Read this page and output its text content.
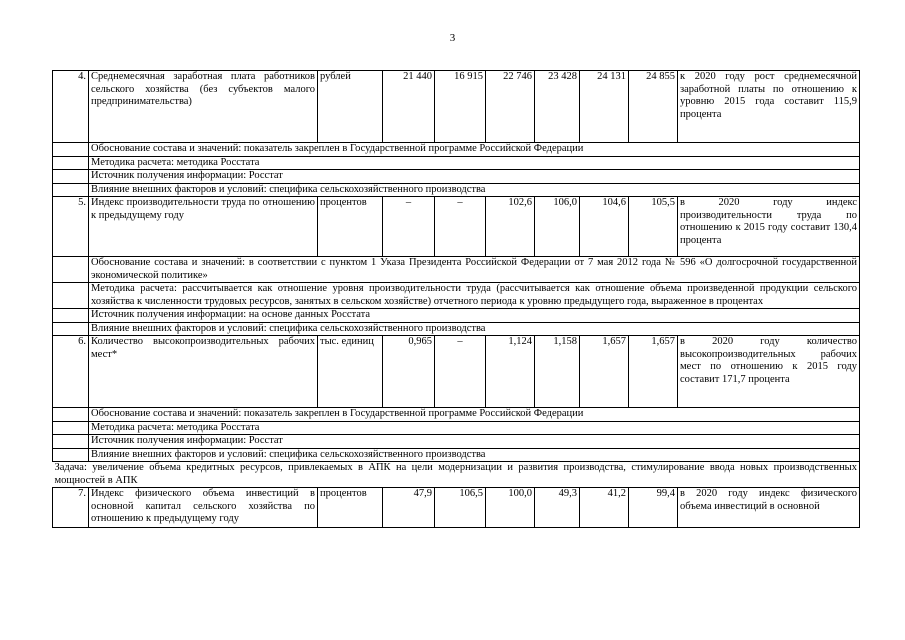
3
4.	Среднемесячная заработная плата работников сельского хозяйства (без субъектов малого предпринимательства)	рублей	21 440	16 915	22 746	23 428	24 131	24 855	к 2020 году рост среднемесячной заработной платы по отношению к уровню 2015 года составит 115,9 процента
	Обоснование состава и значений: показатель закреплен в Государственной программе Российской Федерации								
	Методика расчета: методика Росстата								
	Источник получения информации: Росстат								
	Влияние внешних факторов и условий: специфика сельскохозяйственного производства								
5.	Индекс производительности труда по отношению к предыдущему году	процентов	–	–	102,6	106,0	104,6	105,5	в 2020 году индекс производительности труда по отношению к 2015 году составит 130,4 процента
	Обоснование состава и значений: в соответствии с пунктом 1 Указа Президента Российской Федерации от 7 мая 2012 года № 596 «О долгосрочной государственной экономической политике»								
	Методика расчета: рассчитывается как отношение уровня производительности труда (рассчитывается как отношение объема произведенной продукции сельского хозяйства к численности трудовых ресурсов, занятых в сельском хозяйстве) отчетного периода к уровню предыдущего года, выраженное в процентах								
	Источник получения информации: на основе данных Росстата								
	Влияние внешних факторов и условий: специфика сельскохозяйственного производства								
6.	Количество высокопроизводительных рабочих мест*	тыс. единиц	0,965	–	1,124	1,158	1,657	1,657	в 2020 году количество высокопроизводительных рабочих мест по отношению к 2015 году составит 171,7 процента
	Обоснование состава и значений: показатель закреплен в Государственной программе Российской Федерации								
	Методика расчета: методика Росстата								
	Источник получения информации: Росстат								
	Влияние внешних факторов и условий: специфика сельскохозяйственного производства								
Задача: увеличение объема кредитных ресурсов, привлекаемых в АПК на цели модернизации и развития производства, стимулирование ввода новых производственных мощностей в АПК									
7.	Индекс физического объема инвестиций в основной капитал сельского хозяйства по отношению к предыдущему году	процентов	47,9	106,5	100,0	49,3	41,2	99,4	в 2020 году индекс физического объема инвестиций в основной
